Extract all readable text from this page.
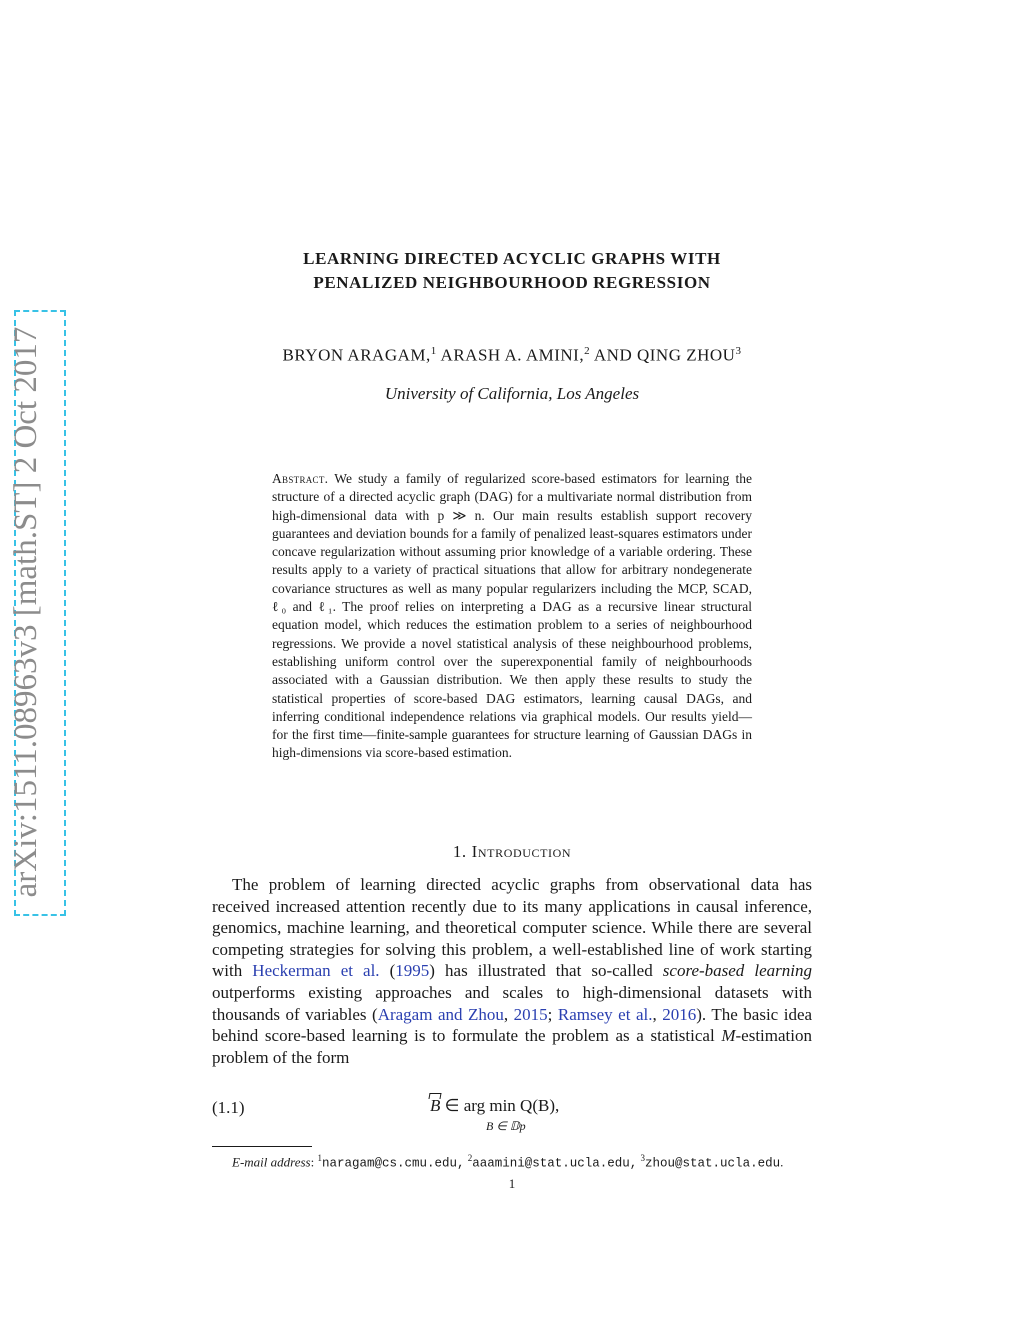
arXiv:1511.08963v3 [math.ST] 2 Oct 2017
LEARNING DIRECTED ACYCLIC GRAPHS WITH
PENALIZED NEIGHBOURHOOD REGRESSION
BRYON ARAGAM,$^1$ ARASH A. AMINI,$^2$ AND QING ZHOU$^3$
University of California, Los Angeles
Abstract. We study a family of regularized score-based estimators for learning the structure of a directed acyclic graph (DAG) for a multivariate normal distribution from high-dimensional data with p ≫ n. Our main results establish support recovery guarantees and deviation bounds for a family of penalized least-squares estimators under concave regularization without assuming prior knowledge of a variable ordering. These results apply to a variety of practical situations that allow for arbitrary nondegenerate covariance structures as well as many popular regularizers including the MCP, SCAD, ℓ₀ and ℓ₁. The proof relies on interpreting a DAG as a recursive linear structural equation model, which reduces the estimation problem to a series of neighbourhood regressions. We provide a novel statistical analysis of these neighbourhood problems, establishing uniform control over the superexponential family of neighbourhoods associated with a Gaussian distribution. We then apply these results to study the statistical properties of score-based DAG estimators, learning causal DAGs, and inferring conditional independence relations via graphical models. Our results yield—for the first time—finite-sample guarantees for structure learning of Gaussian DAGs in high-dimensions via score-based estimation.
1. Introduction
The problem of learning directed acyclic graphs from observational data has received increased attention recently due to its many applications in causal inference, genomics, machine learning, and theoretical computer science. While there are several competing strategies for solving this problem, a well-established line of work starting with Heckerman et al. (1995) has illustrated that so-called score-based learning outperforms existing approaches and scales to high-dimensional datasets with thousands of variables (Aragam and Zhou, 2015; Ramsey et al., 2016). The basic idea behind score-based learning is to formulate the problem as a statistical M-estimation problem of the form
(1.1)	B ∈ arg min Q(B),
B ∈ 𝔻p
E-mail address: $^1$naragam@cs.cmu.edu, $^2$aaamini@stat.ucla.edu, $^3$zhou@stat.ucla.edu.
1
